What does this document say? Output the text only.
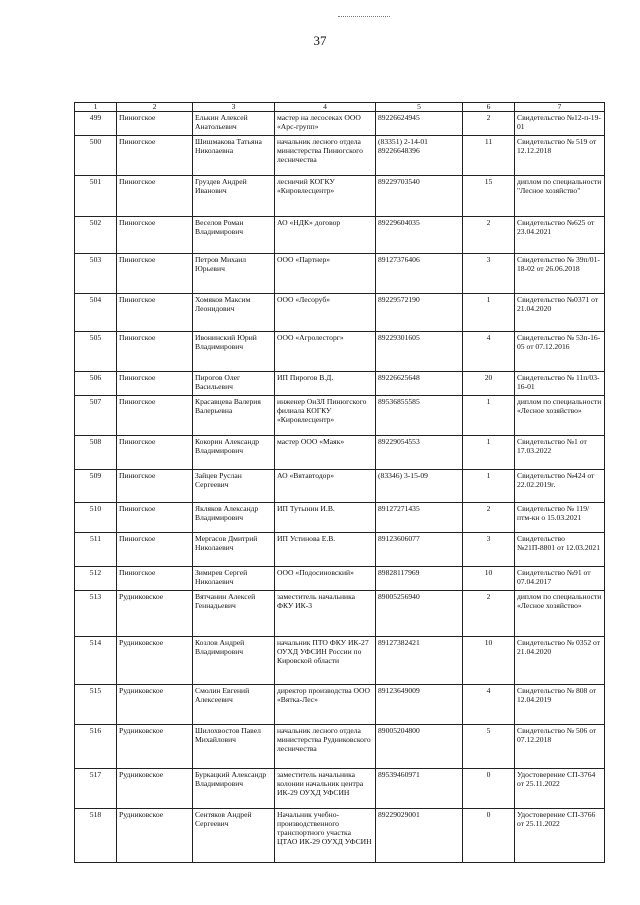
37
1	2	3	4	5	6	7
499	Пинюгское	Елькин Алексей Анатольевич	мастер на лесосеках ООО «Арс-групп»	89226624945	2	Свидетельство №12-п-19-01
500	Пинюгское	Шишмакова Татьяна Николаевна	начальник лесного отдела министерства Пинюгского лесничества	(83351) 2-14-01 89226648396	11	Свидетельство № 519 от 12.12.2018
501	Пинюгское	Груздев Андрей Иванович	лесничий КОГКУ «Кировлесцентр»	89229703540	15	диплом по специальности "Лесное хозяйство"
502	Пинюгское	Веселов Роман Владимирович	АО «НДК» договор	89229604035	2	Свидетельство №625 от 23.04.2021
503	Пинюгское	Петров Михаил Юрьевич	ООО «Партнер»	89127376406	3	Свидетельство № 39п/01-18-02 от 26.06.2018
504	Пинюгское	Хомяков Максим Леонидович	ООО «Лесоруб»	89229572190	1	Свидетельство №0371 от 21.04.2020
505	Пинюгское	Ивонинский Юрий Владимирович	ООО «Агролесторг»	89229301605	4	Свидетельство № 53п-16-05 от 07.12.2016
506	Пинюгское	Пирогов Олег Васильевич	ИП Пирогов В.Д.	89226625648	20	Свидетельство № 11п/03-16-01
507	Пинюгское	Красавцева Валерия Валерьевна	инженер ОиЗЛ Пинюгского филиала КОГКУ «Кировлесцентр»	89536855585	1	диплом по специальности «Лесное хозяйство»
508	Пинюгское	Кокорин Александр Владимирович	мастер ООО «Маяк»	89229054553	1	Свидетельство №1 от 17.03.2022
509	Пинюгское	Зайцев Руслан Сергеевич	АО «Вятавтодор»	(83346) 3-15-09	1	Свидетельство №424 от 22.02.2019г.
510	Пинюгское	Якляков Александр Владимирович	ИП Тутынин И.В.	89127271435	2	Свидетельство № 119/птм-кн о 15.03.2021
511	Пинюгское	Мергасов Дмитрий Николаевич	ИП Устинова Е.В.	89123606077	3	Свидетельство №21П-8801 от 12.03.2021
512	Пинюгское	Зимирев Сергей Николаевич	ООО «Подосиновский»	89828117969	10	Свидетельство №91 от 07.04.2017
513	Рудниковское	Вятчанин Алексей Геннадьевич	заместитель начальника ФКУ ИК-3	89005256940	2	диплом по специальности «Лесное хозяйство»
514	Рудниковское	Козлов Андрей Владимирович	начальник ПТО ФКУ ИК-27 ОУХД УФСИН России по Кировской области	89127382421	10	Свидетельство № 0352 от 21.04.2020
515	Рудниковское	Смолин Евгений Алексеевич	директор производства ООО «Вятка-Лес»	89123649009	4	Свидетельство № 808 от 12.04.2019
516	Рудниковское	Шилохвостов Павел Михайлович	начальник лесного отдела министерства Рудниковского лесничества	89005204800	5	Свидетельство № 506 от 07.12.2018
517	Рудниковское	Буркацкий Александр Владимирович	заместитель начальника колонии начальник центра ИК-29 ОУХД УФСИН	89539460971	0	Удостоверение СП-3764 от 25.11.2022
518	Рудниковское	Сентяков Андрей Сергеевич	Начальник учебно-производственного транспортного участка ЦТАО ИК-29 ОУХД УФСИН	89229029001	0	Удостоверение СП-3766 от 25.11.2022
